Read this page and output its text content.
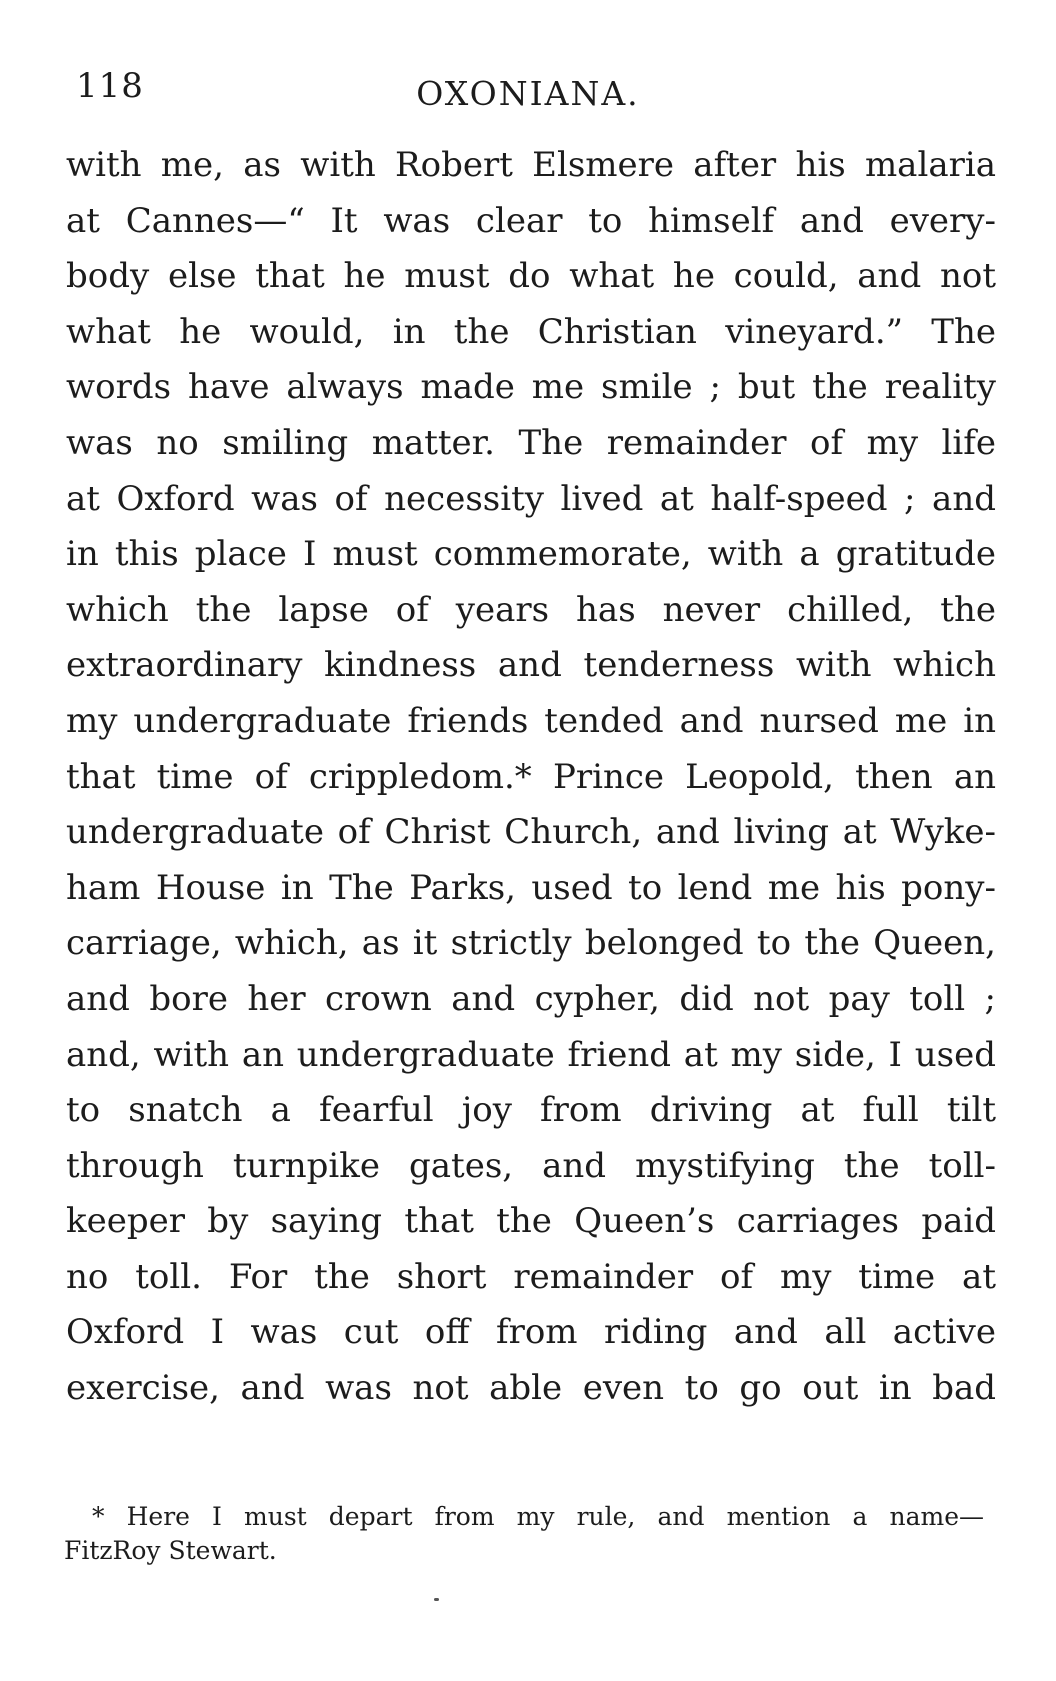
118	OXONIANA.
with me, as with Robert Elsmere after his malaria
at Cannes—“ It was clear to himself and every-
body else that he must do what he could, and not
what he would, in the Christian vineyard.” The
words have always made me smile ; but the reality
was no smiling matter. The remainder of my life
at Oxford was of necessity lived at half-speed ; and
in this place I must commemorate, with a gratitude
which the lapse of years has never chilled, the
extraordinary kindness and tenderness with which
my undergraduate friends tended and nursed me in
that time of crippledom.* Prince Leopold, then an
undergraduate of Christ Church, and living at Wyke-
ham House in The Parks, used to lend me his pony-
carriage, which, as it strictly belonged to the Queen,
and bore her crown and cypher, did not pay toll ;
and, with an undergraduate friend at my side, I used
to snatch a fearful joy from driving at full tilt
through turnpike gates, and mystifying the toll-
keeper by saying that the Queen’s carriages paid
no toll. For the short remainder of my time at
Oxford I was cut off from riding and all active
exercise, and was not able even to go out in bad
* Here I must depart from my rule, and mention a name—
FitzRoy Stewart.
